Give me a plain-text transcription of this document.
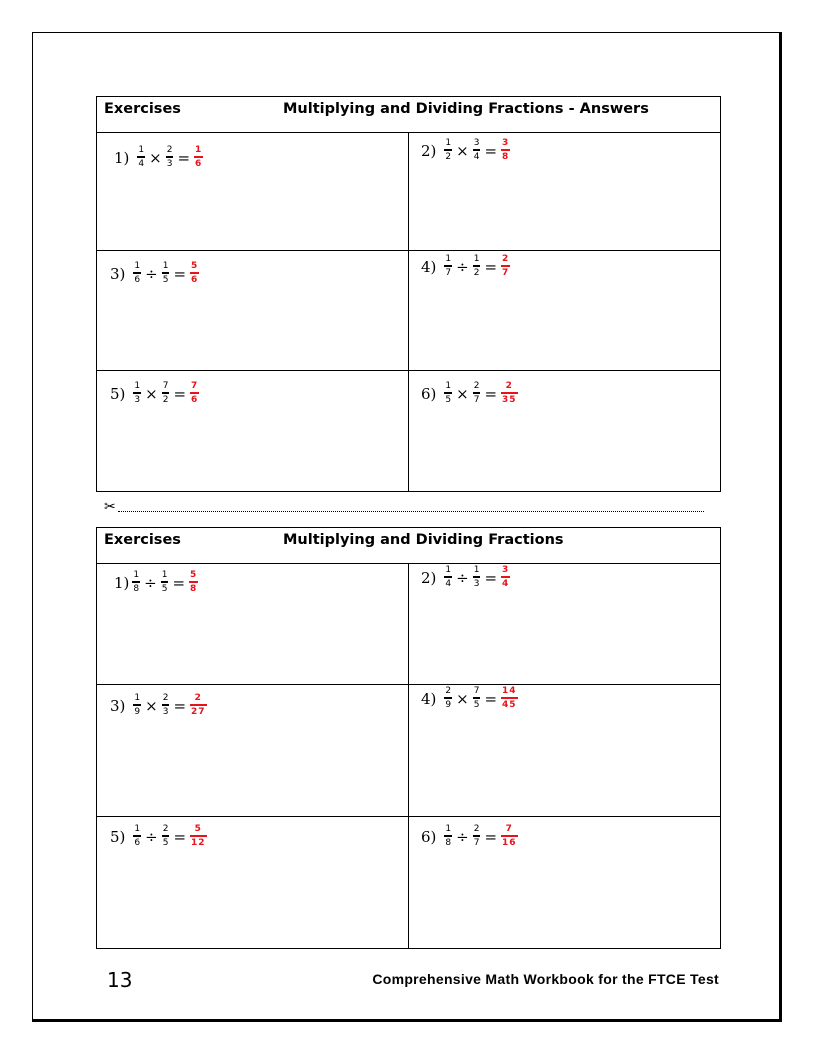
Exercises	Multiplying and Dividing Fractions - Answers
$1) \frac{1}{4} \times \frac{2}{3} = \frac{1}{6}$	$2) \frac{1}{2} \times \frac{3}{4} = \frac{3}{8}$
$3) \frac{1}{6} \div \frac{1}{5} = \frac{5}{6}$	$4) \frac{1}{7} \div \frac{1}{2} = \frac{2}{7}$
$5) \frac{1}{3} \times \frac{7}{2} = \frac{7}{6}$	$6) \frac{1}{5} \times \frac{2}{7} = \frac{2}{35}$
✂
Exercises	Multiplying and Dividing Fractions
$1) \frac{1}{8} \div \frac{1}{5} = \frac{5}{8}$	$2) \frac{1}{4} \div \frac{1}{3} = \frac{3}{4}$
$3) \frac{1}{9} \times \frac{2}{3} = \frac{2}{27}$	$4) \frac{2}{9} \times \frac{7}{5} = \frac{14}{45}$
$5) \frac{1}{6} \div \frac{2}{5} = \frac{5}{12}$	$6) \frac{1}{8} \div \frac{2}{7} = \frac{7}{16}$
13	Comprehensive Math Workbook for the FTCE Test
